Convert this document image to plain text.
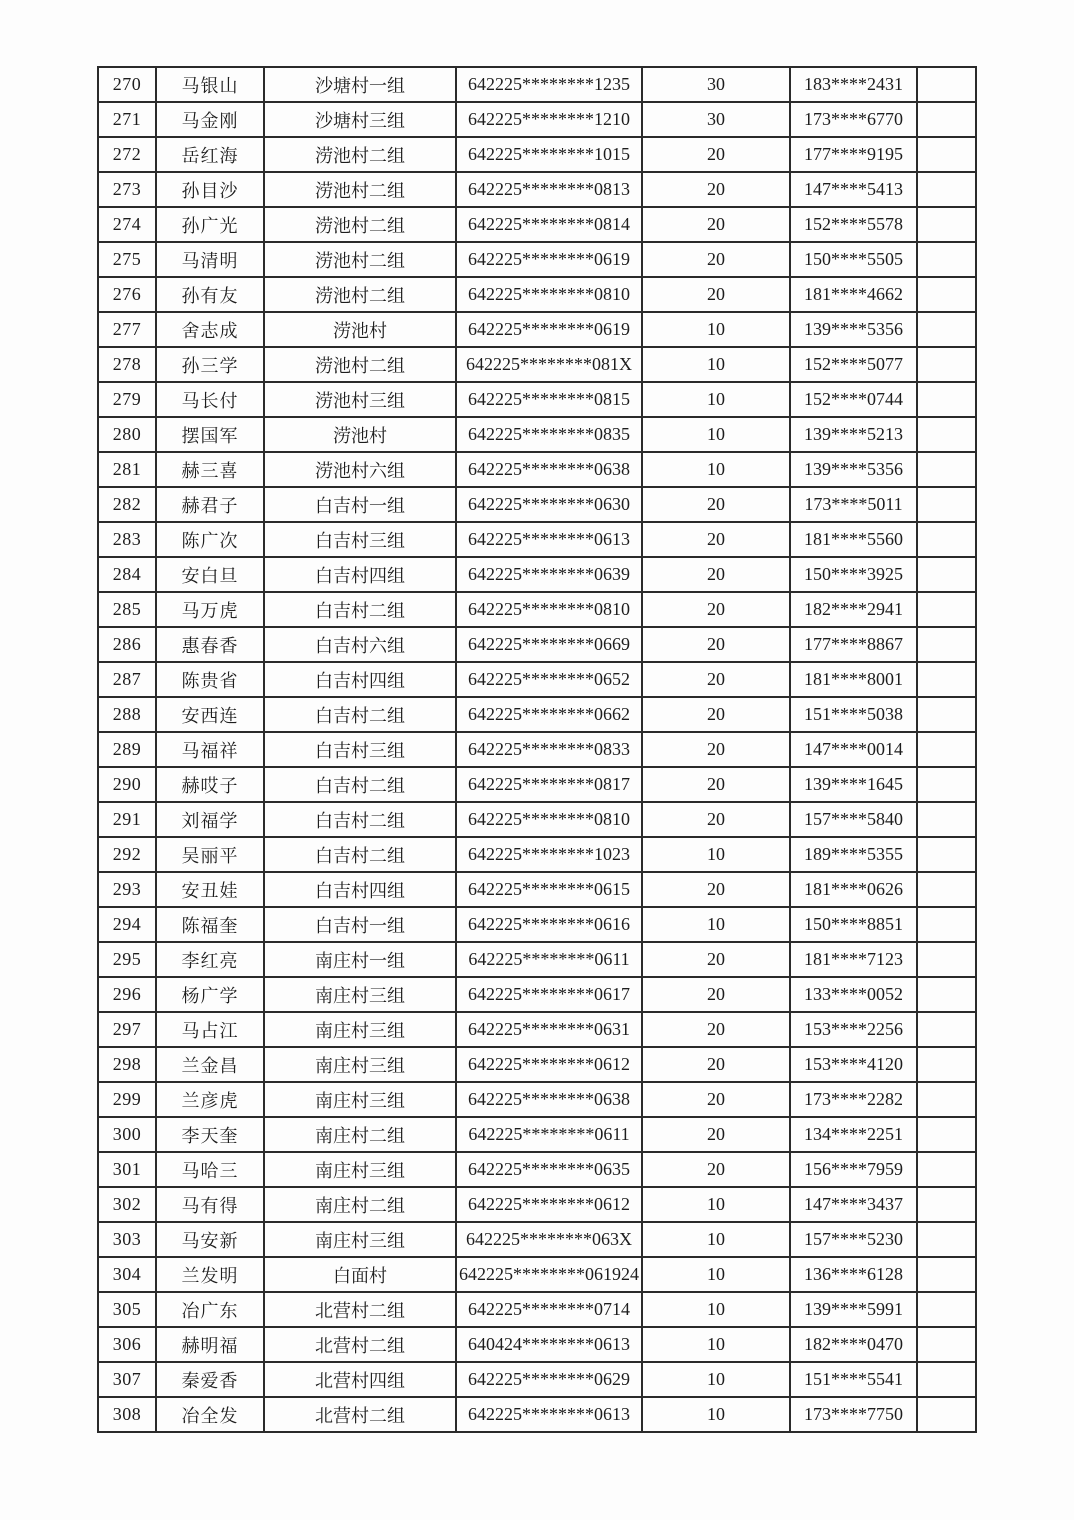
270	马银山	沙塘村一组	642225********1235	30	183****2431	
271	马金刚	沙塘村三组	642225********1210	30	173****6770	
272	岳红海	涝池村二组	642225********1015	20	177****9195	
273	孙目沙	涝池村二组	642225********0813	20	147****5413	
274	孙广光	涝池村二组	642225********0814	20	152****5578	
275	马清明	涝池村二组	642225********0619	20	150****5505	
276	孙有友	涝池村二组	642225********0810	20	181****4662	
277	舍志成	涝池村	642225********0619	10	139****5356	
278	孙三学	涝池村二组	642225********081X	10	152****5077	
279	马长付	涝池村三组	642225********0815	10	152****0744	
280	摆国军	涝池村	642225********0835	10	139****5213	
281	赫三喜	涝池村六组	642225********0638	10	139****5356	
282	赫君子	白吉村一组	642225********0630	20	173****5011	
283	陈广次	白吉村三组	642225********0613	20	181****5560	
284	安白旦	白吉村四组	642225********0639	20	150****3925	
285	马万虎	白吉村二组	642225********0810	20	182****2941	
286	惠春香	白吉村六组	642225********0669	20	177****8867	
287	陈贵省	白吉村四组	642225********0652	20	181****8001	
288	安西连	白吉村二组	642225********0662	20	151****5038	
289	马福祥	白吉村三组	642225********0833	20	147****0014	
290	赫哎子	白吉村二组	642225********0817	20	139****1645	
291	刘福学	白吉村二组	642225********0810	20	157****5840	
292	吴丽平	白吉村二组	642225********1023	10	189****5355	
293	安丑娃	白吉村四组	642225********0615	20	181****0626	
294	陈福奎	白吉村一组	642225********0616	10	150****8851	
295	李红亮	南庄村一组	642225********0611	20	181****7123	
296	杨广学	南庄村三组	642225********0617	20	133****0052	
297	马占江	南庄村三组	642225********0631	20	153****2256	
298	兰金昌	南庄村三组	642225********0612	20	153****4120	
299	兰彦虎	南庄村三组	642225********0638	20	173****2282	
300	李天奎	南庄村二组	642225********0611	20	134****2251	
301	马哈三	南庄村三组	642225********0635	20	156****7959	
302	马有得	南庄村二组	642225********0612	10	147****3437	
303	马安新	南庄村三组	642225********063X	10	157****5230	
304	兰发明	白面村	642225********061924	10	136****6128	
305	冶广东	北营村二组	642225********0714	10	139****5991	
306	赫明福	北营村二组	640424********0613	10	182****0470	
307	秦爱香	北营村四组	642225********0629	10	151****5541	
308	冶全发	北营村二组	642225********0613	10	173****7750	
